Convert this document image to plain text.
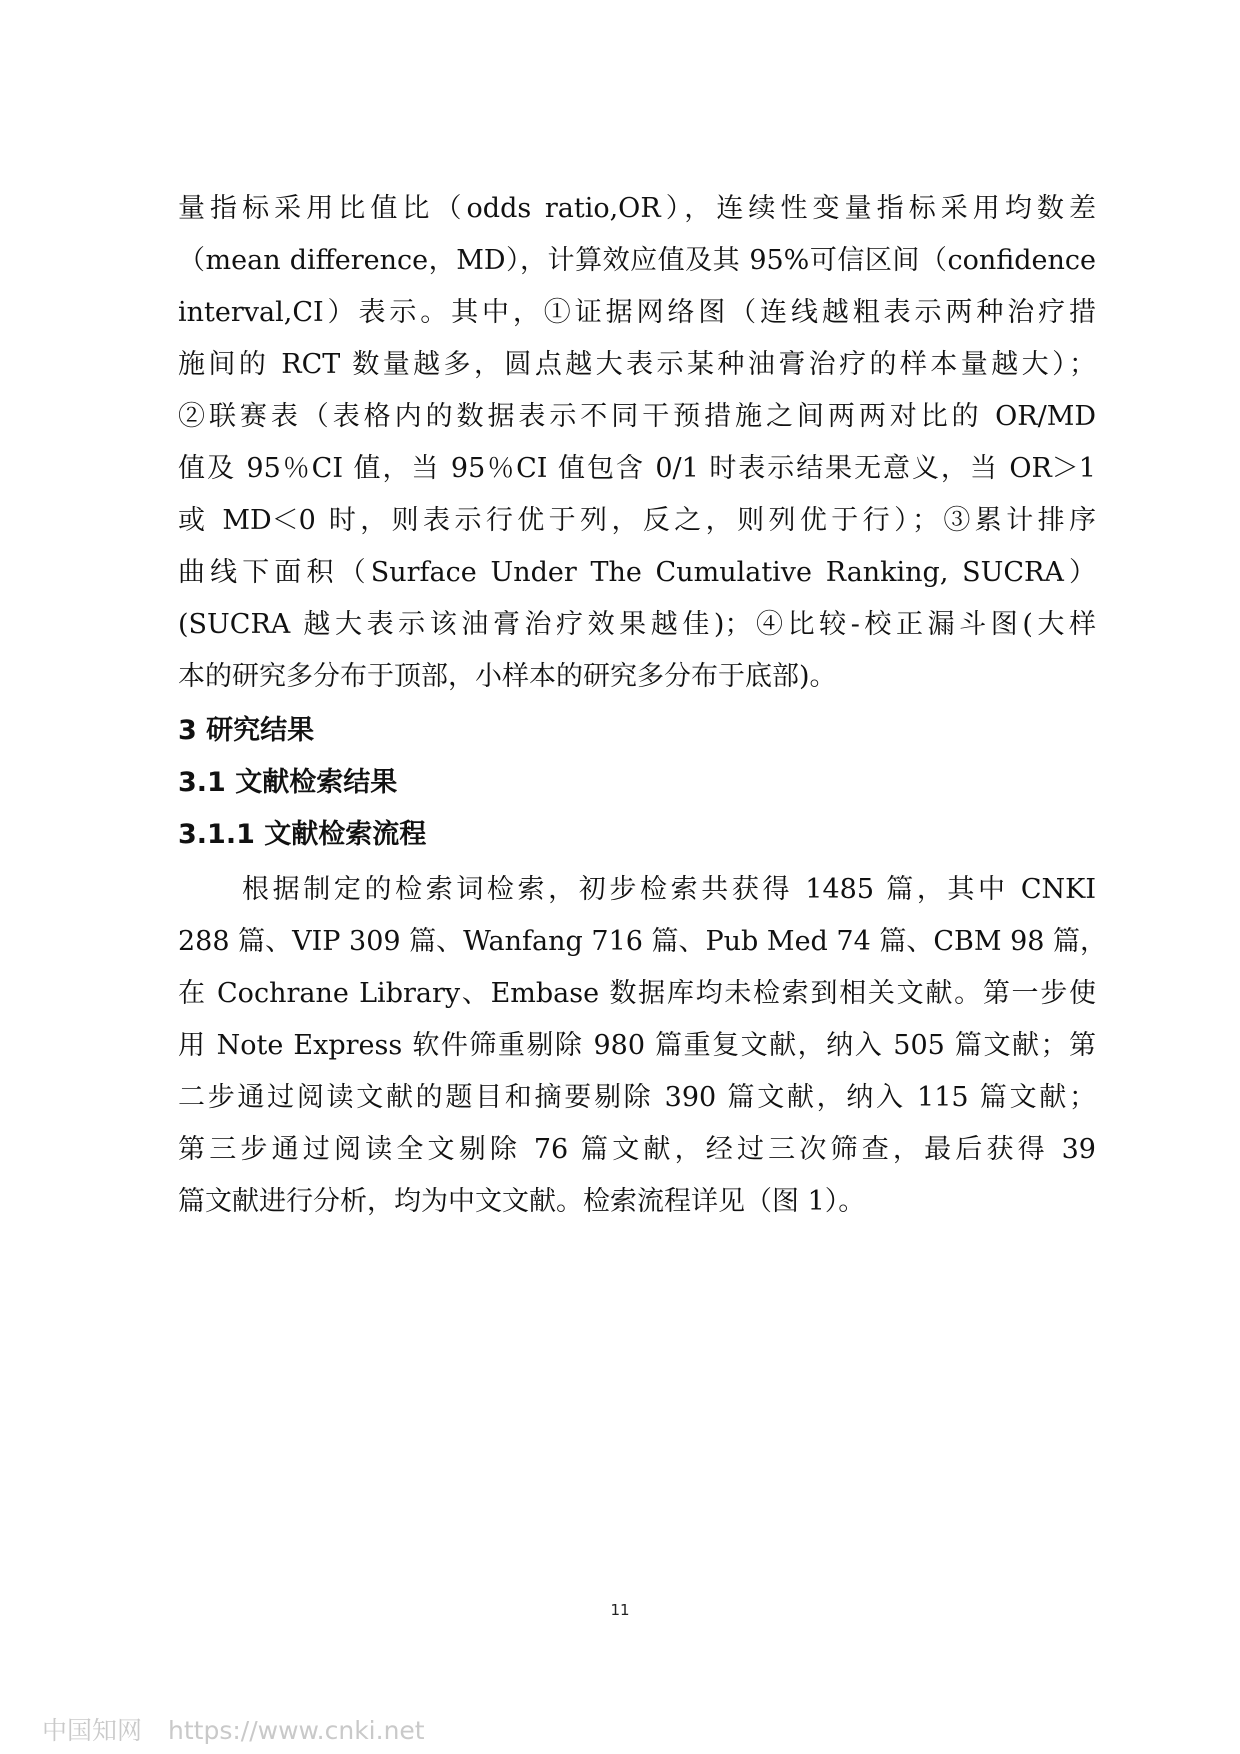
量指标采用比值比（odds ratio,OR），连续性变量指标采用均数差
（mean difference，MD），计算效应值及其 95%可信区间（confidence
interval,CI）表示。其中，①证据网络图（连线越粗表示两种治疗措
施间的 RCT 数量越多，圆点越大表示某种油膏治疗的样本量越大）；
②联赛表（表格内的数据表示不同干预措施之间两两对比的 OR/MD
值及 95％CI 值，当 95％CI 值包含 0/1 时表示结果无意义，当 OR＞1
或 MD＜0 时，则表示行优于列，反之，则列优于行）；③累计排序
曲线下面积（Surface Under The Cumulative Ranking, SUCRA）
(SUCRA 越大表示该油膏治疗效果越佳)；④比较-校正漏斗图(大样
本的研究多分布于顶部，小样本的研究多分布于底部)。
3 研究结果
3.1 文献检索结果
3.1.1 文献检索流程
根据制定的检索词检索，初步检索共获得 1485 篇，其中 CNKI
288 篇、VIP 309 篇、Wanfang 716 篇、Pub Med 74 篇、CBM 98 篇，
在 Cochrane Library、Embase 数据库均未检索到相关文献。第一步使
用 Note Express 软件筛重剔除 980 篇重复文献，纳入 505 篇文献；第
二步通过阅读文献的题目和摘要剔除 390 篇文献，纳入 115 篇文献；
第三步通过阅读全文剔除 76 篇文献，经过三次筛查，最后获得 39
篇文献进行分析，均为中文文献。检索流程详见（图 1）。
11
中国知网 https://www.cnki.net
